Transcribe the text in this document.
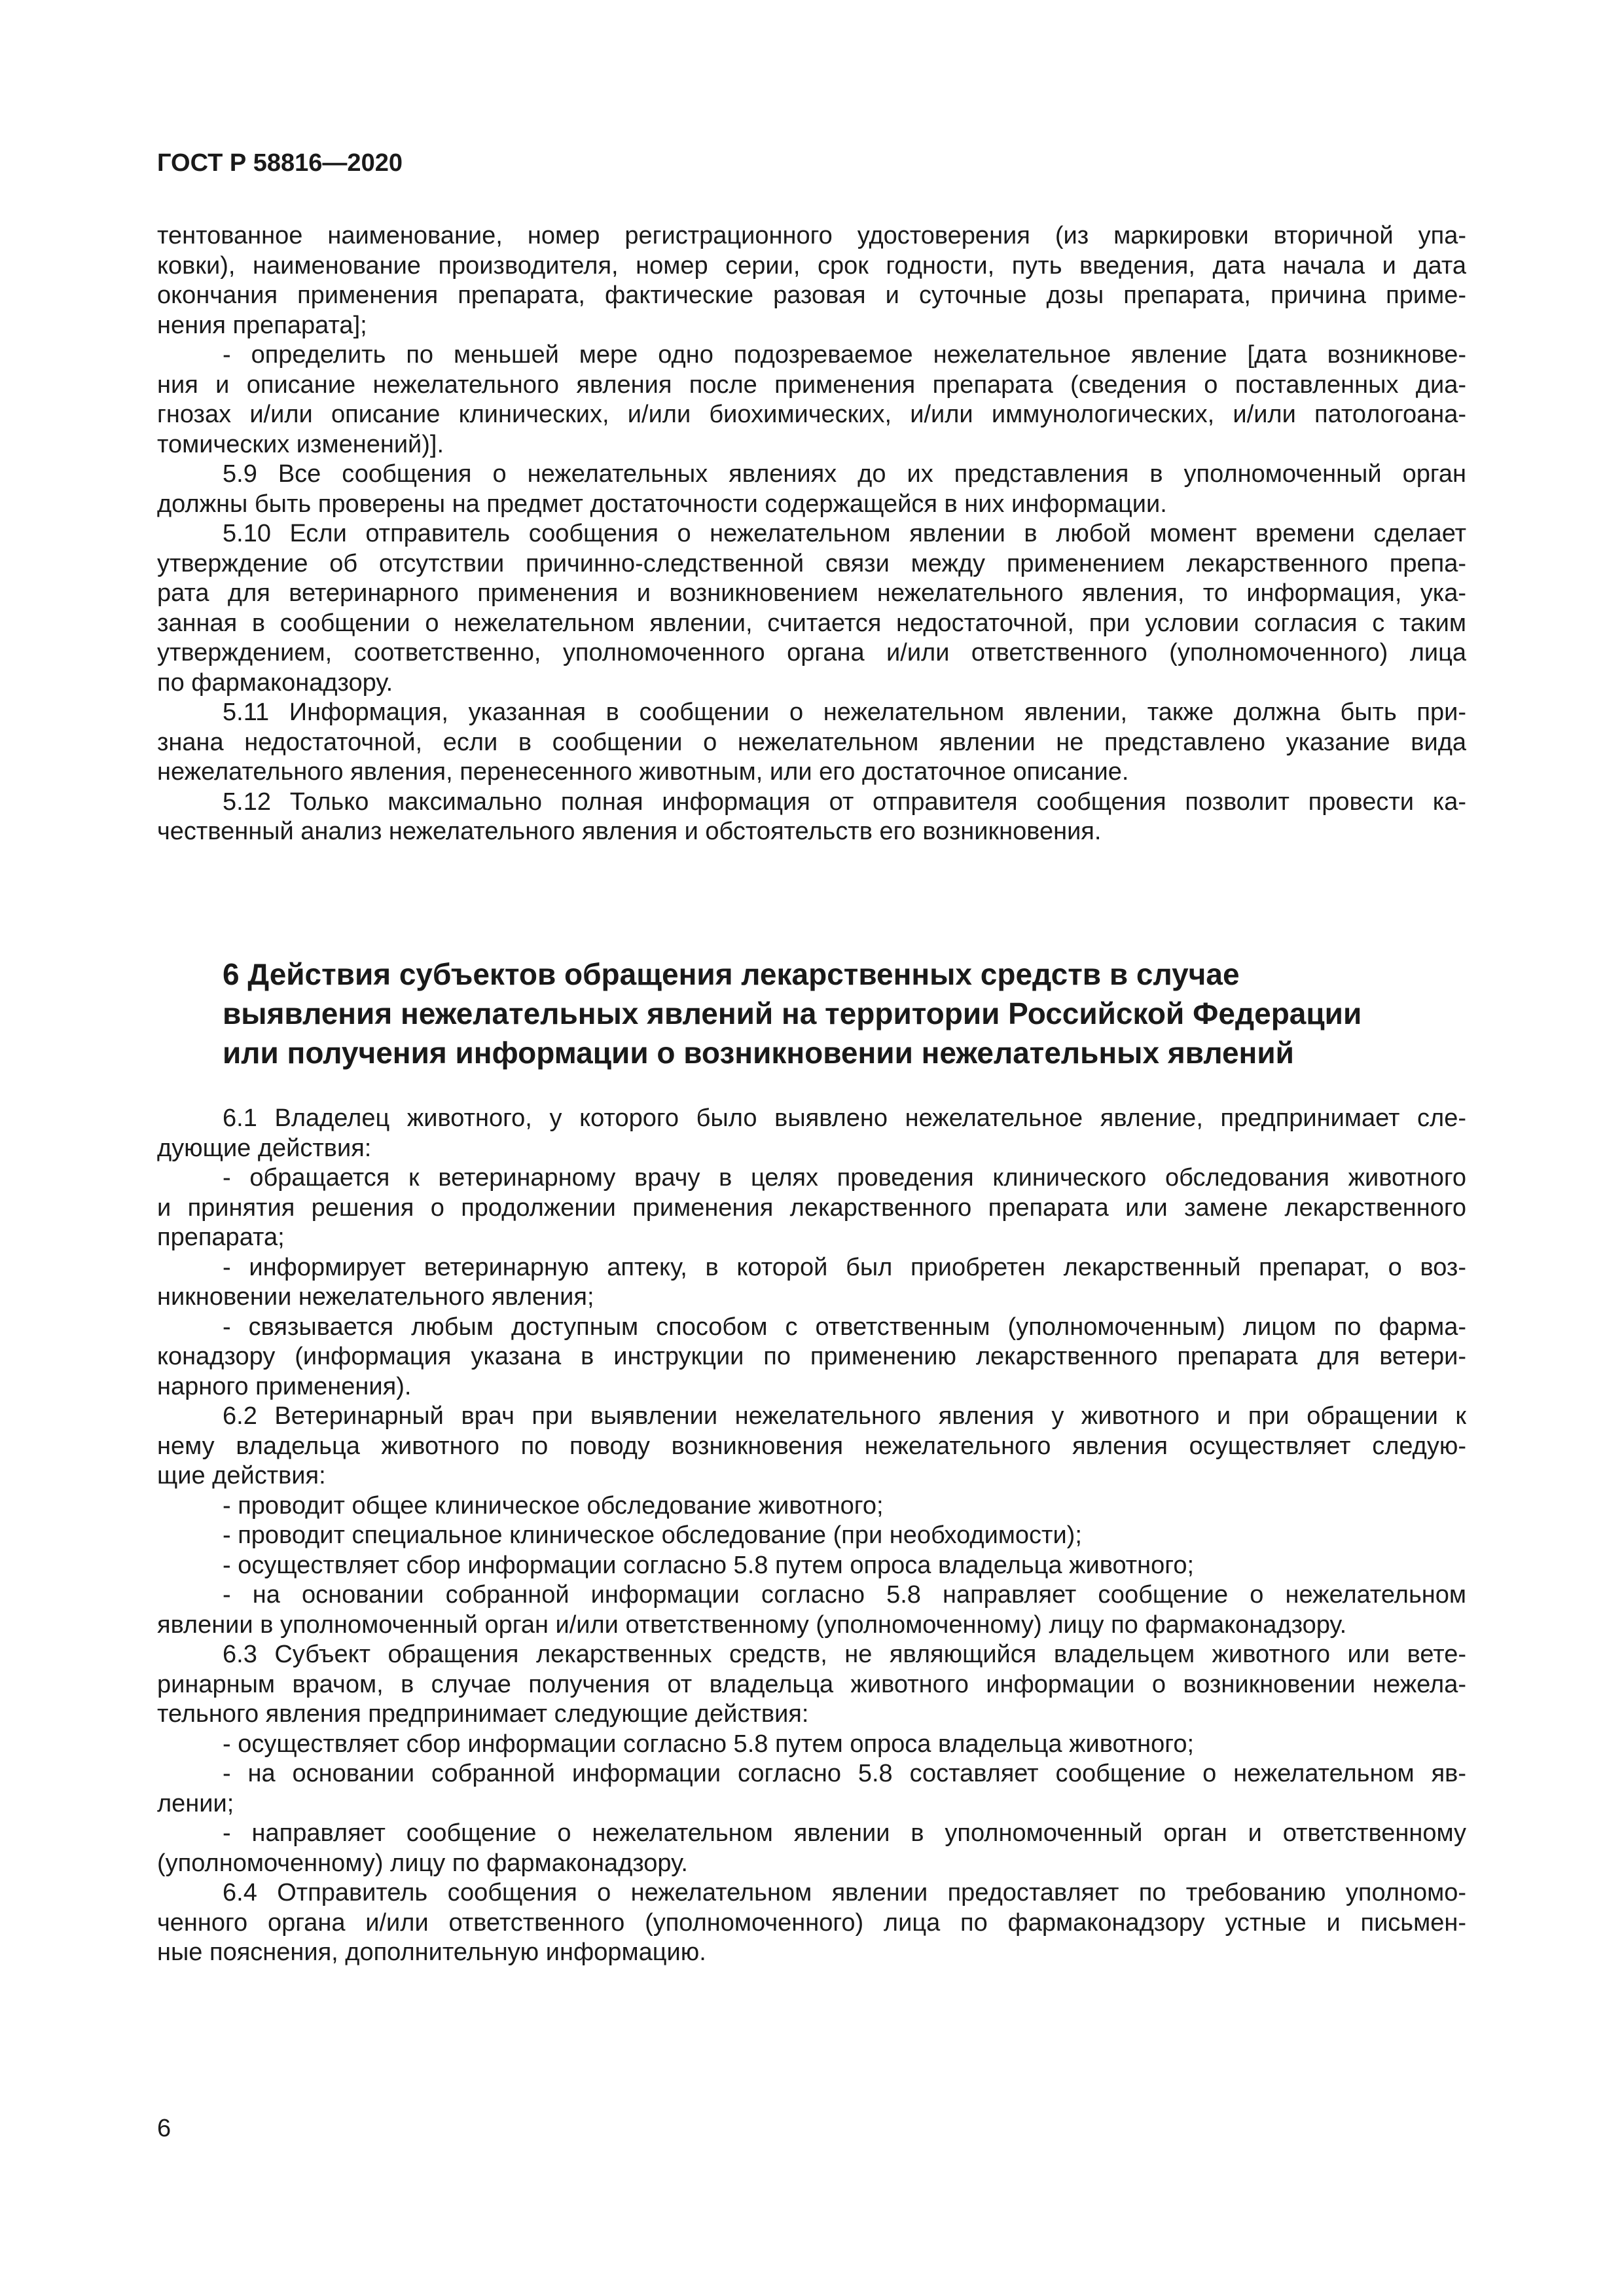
ГОСТ Р 58816—2020
тентованное наименование, номер регистрационного удостоверения (из маркировки вторичной упа-
ковки), наименование производителя, номер серии, срок годности, путь введения, дата начала и дата
окончания применения препарата, фактические разовая и суточные дозы препарата, причина приме-
нения препарата];
- определить по меньшей мере одно подозреваемое нежелательное явление [дата возникнове-
ния и описание нежелательного явления после применения препарата (сведения о поставленных диа-
гнозах и/или описание клинических, и/или биохимических, и/или иммунологических, и/или патологоана-
томических изменений)].
5.9 Все сообщения о нежелательных явлениях до их представления в уполномоченный орган
должны быть проверены на предмет достаточности содержащейся в них информации.
5.10 Если отправитель сообщения о нежелательном явлении в любой момент времени сделает
утверждение об отсутствии причинно-следственной связи между применением лекарственного препа-
рата для ветеринарного применения и возникновением нежелательного явления, то информация, ука-
занная в сообщении о нежелательном явлении, считается недостаточной, при условии согласия с таким
утверждением, соответственно, уполномоченного органа и/или ответственного (уполномоченного) лица
по фармаконадзору.
5.11 Информация, указанная в сообщении о нежелательном явлении, также должна быть при-
знана недостаточной, если в сообщении о нежелательном явлении не представлено указание вида
нежелательного явления, перенесенного животным, или его достаточное описание.
5.12 Только максимально полная информация от отправителя сообщения позволит провести ка-
чественный анализ нежелательного явления и обстоятельств его возникновения.
6 Действия субъектов обращения лекарственных средств в случае
выявления нежелательных явлений на территории Российской Федерации
или получения информации о возникновении нежелательных явлений
6.1 Владелец животного, у которого было выявлено нежелательное явление, предпринимает сле-
дующие действия:
- обращается к ветеринарному врачу в целях проведения клинического обследования животного
и принятия решения о продолжении применения лекарственного препарата или замене лекарственного
препарата;
- информирует ветеринарную аптеку, в которой был приобретен лекарственный препарат, о воз-
никновении нежелательного явления;
- связывается любым доступным способом с ответственным (уполномоченным) лицом по фарма-
конадзору (информация указана в инструкции по применению лекарственного препарата для ветери-
нарного применения).
6.2 Ветеринарный врач при выявлении нежелательного явления у животного и при обращении к
нему владельца животного по поводу возникновения нежелательного явления осуществляет следую-
щие действия:
- проводит общее клиническое обследование животного;
- проводит специальное клиническое обследование (при необходимости);
- осуществляет сбор информации согласно 5.8 путем опроса владельца животного;
- на основании собранной информации согласно 5.8 направляет сообщение о нежелательном
явлении в уполномоченный орган и/или ответственному (уполномоченному) лицу по фармаконадзору.
6.3 Субъект обращения лекарственных средств, не являющийся владельцем животного или вете-
ринарным врачом, в случае получения от владельца животного информации о возникновении нежела-
тельного явления предпринимает следующие действия:
- осуществляет сбор информации согласно 5.8 путем опроса владельца животного;
- на основании собранной информации согласно 5.8 составляет сообщение о нежелательном яв-
лении;
- направляет сообщение о нежелательном явлении в уполномоченный орган и ответственному
(уполномоченному) лицу по фармаконадзору.
6.4 Отправитель сообщения о нежелательном явлении предоставляет по требованию уполномо-
ченного органа и/или ответственного (уполномоченного) лица по фармаконадзору устные и письмен-
ные пояснения, дополнительную информацию.
6
